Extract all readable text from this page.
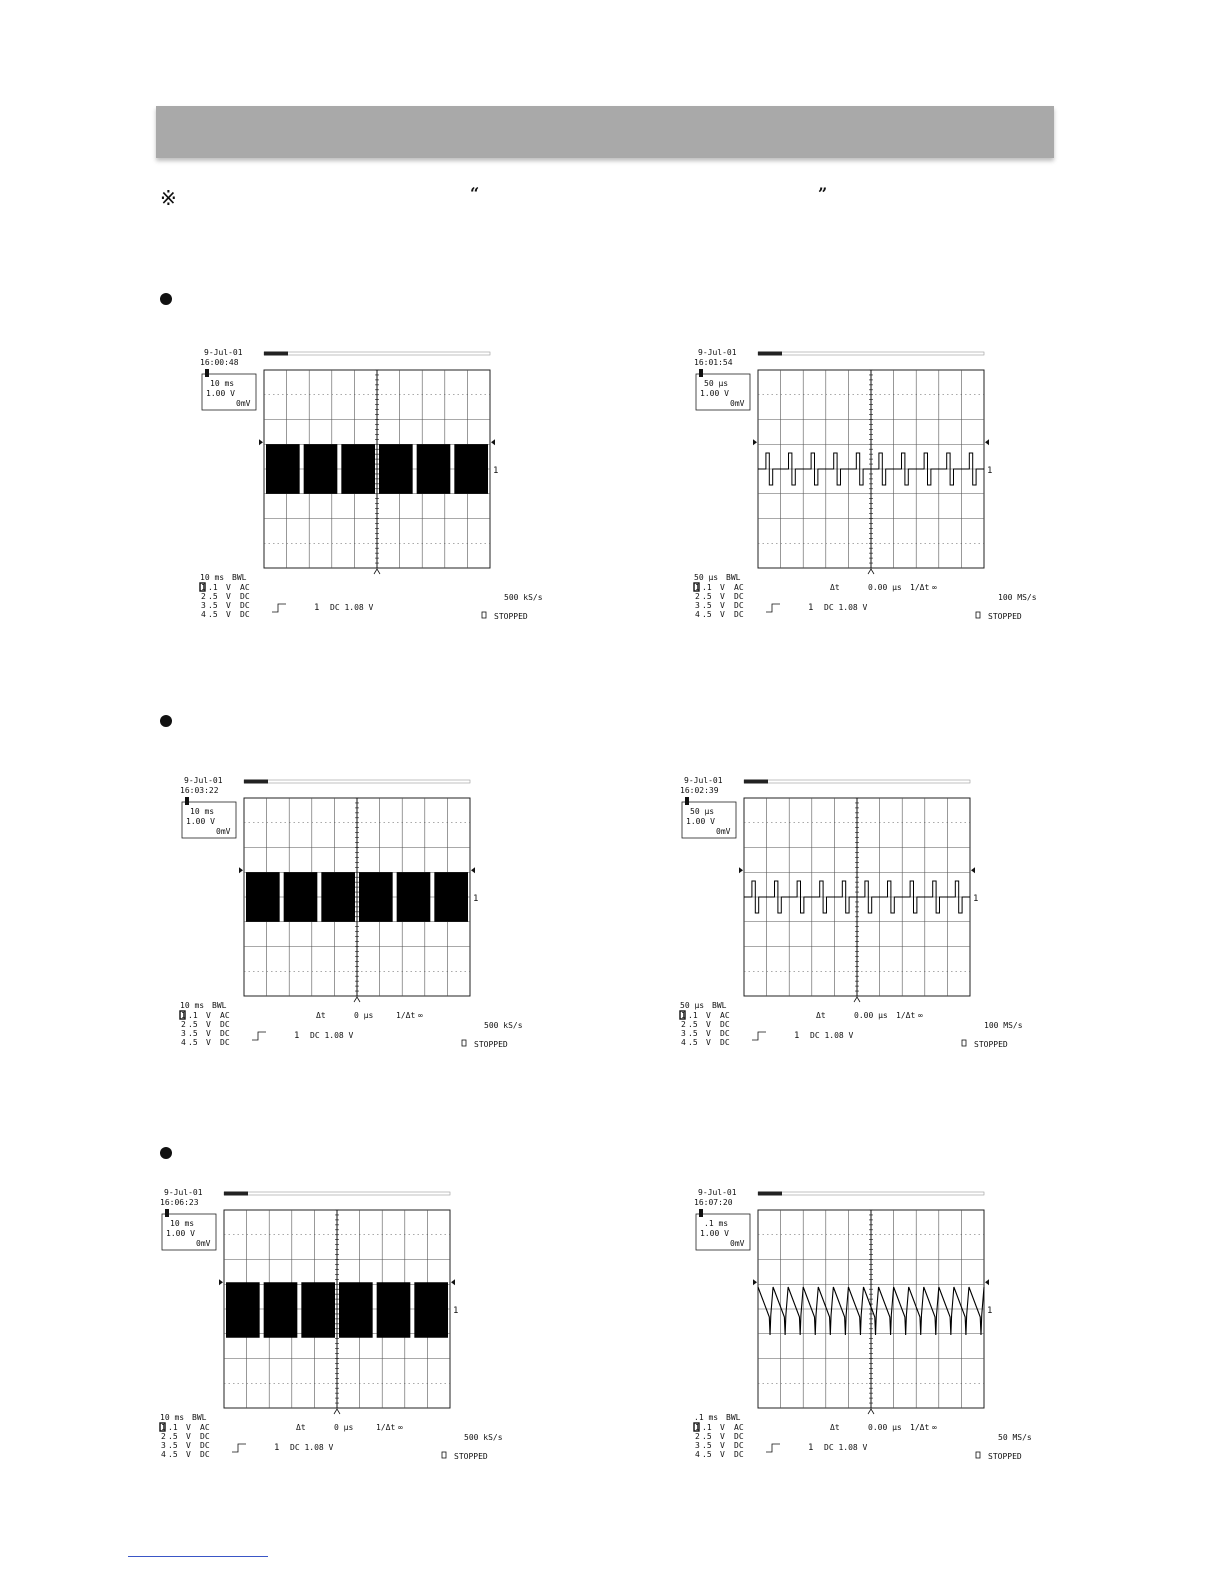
※	“	”
9-Jul-01
16:00:48
10 ms
1.00 V
0mV
1
10 ms BWL
1 .1 V AC
2 .5 V DC
3 .5 V DC
4 .5 V DC
500 kS/s
1 DC 1.08 V
STOPPED
9-Jul-01
16:01:54
50 µs
1.00 V
0mV
1
50 µs BWL
1 .1 V AC
2 .5 V DC
3 .5 V DC
4 .5 V DC
Δt	0.00 µs 1/Δt ∞
100 MS/s
1 DC 1.08 V
STOPPED
9-Jul-01
16:03:22
10 ms
1.00 V
0mV
1
10 ms BWL
1 .1 V AC
2 .5 V DC
3 .5 V DC
4 .5 V DC
Δt	0 µs	1/Δt ∞
500 kS/s
1 DC 1.08 V
STOPPED
9-Jul-01
16:02:39
50 µs
1.00 V
0mV
1
50 µs BWL
1 .1 V AC
2 .5 V DC
3 .5 V DC
4 .5 V DC
Δt	0.00 µs 1/Δt ∞
100 MS/s
1 DC 1.08 V
STOPPED
9-Jul-01
16:06:23
10 ms
1.00 V
0mV
1
10 ms BWL
1 .1 V AC
2 .5 V DC
3 .5 V DC
4 .5 V DC
Δt	0 µs	1/Δt ∞
500 kS/s
1 DC 1.08 V
STOPPED
9-Jul-01
16:07:20
.1 ms
1.00 V
0mV
1
.1 ms BWL
1 .1 V AC
2 .5 V DC
3 .5 V DC
4 .5 V DC
Δt	0.00 µs 1/Δt ∞
50 MS/s
1 DC 1.08 V
STOPPED
